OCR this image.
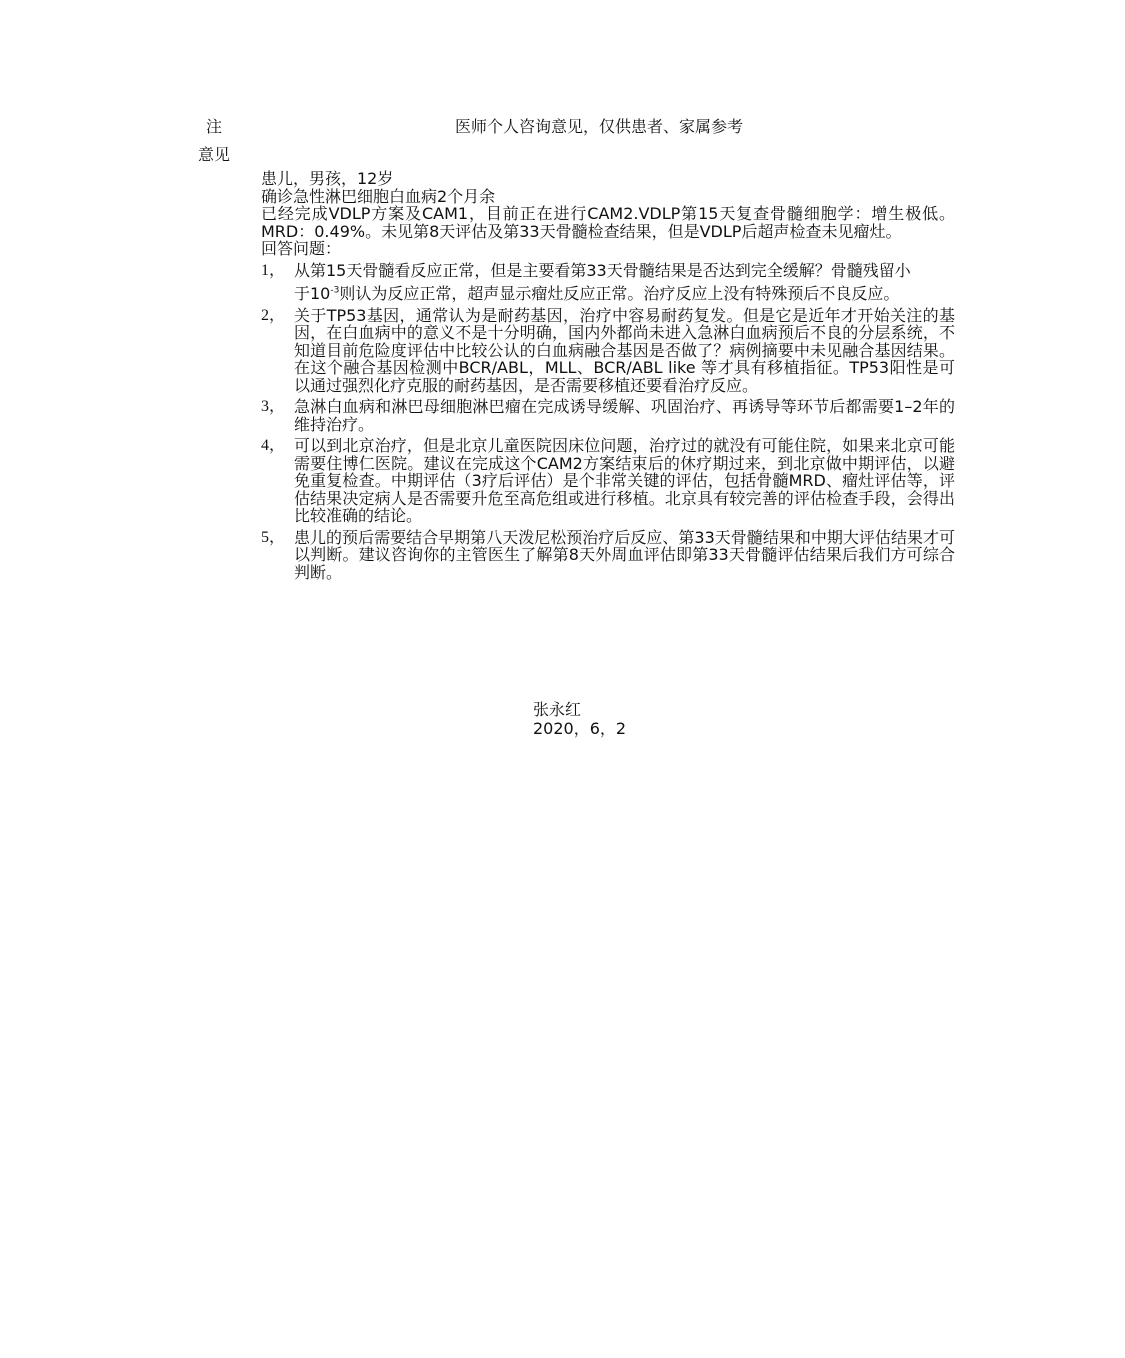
注
意见
医师个人咨询意见，仅供患者、家属参考

患儿，男孩，12岁

确诊急性淋巴细胞白血病2个月余

已经完成VDLP方案及CAM1，目前正在进行CAM2.VDLP第15天复查骨髓细胞学：增生极低。MRD：0.49%。未见第8天评估及第33天骨髓检查结果，但是VDLP后超声检查未见瘤灶。

回答问题：

1， 从第15天骨髓看反应正常，但是主要看第33天骨髓结果是否达到完全缓解？骨髓残留小
于$10^{-3}$则认为反应正常，超声显示瘤灶反应正常。治疗反应上没有特殊预后不良反应。
2， 关于TP53基因，通常认为是耐药基因，治疗中容易耐药复发。但是它是近年才开始关注的基因，在白血病中的意义不是十分明确，国内外都尚未进入急淋白血病预后不良的分层系统，不知道目前危险度评估中比较公认的白血病融合基因是否做了？病例摘要中未见融合基因结果。在这个融合基因检测中BCR/ABL，MLL、BCR/ABL like 等才具有移植指征。TP53阳性是可以通过强烈化疗克服的耐药基因，是否需要移植还要看治疗反应。
3， 急淋白血病和淋巴母细胞淋巴瘤在完成诱导缓解、巩固治疗、再诱导等环节后都需要1–2年的维持治疗。
4， 可以到北京治疗，但是北京儿童医院因床位问题，治疗过的就没有可能住院，如果来北京可能需要住博仁医院。建议在完成这个CAM2方案结束后的休疗期过来，到北京做中期评估，以避免重复检查。中期评估（3疗后评估）是个非常关键的评估，包括骨髓MRD、瘤灶评估等，评估结果决定病人是否需要升危至高危组或进行移植。北京具有较完善的评估检查手段，会得出比较准确的结论。
5， 患儿的预后需要结合早期第八天泼尼松预治疗后反应、第33天骨髓结果和中期大评估结果才可以判断。建议咨询你的主管医生了解第8天外周血评估即第33天骨髓评估结果后我们方可综合判断。
张永红
2020，6，2
